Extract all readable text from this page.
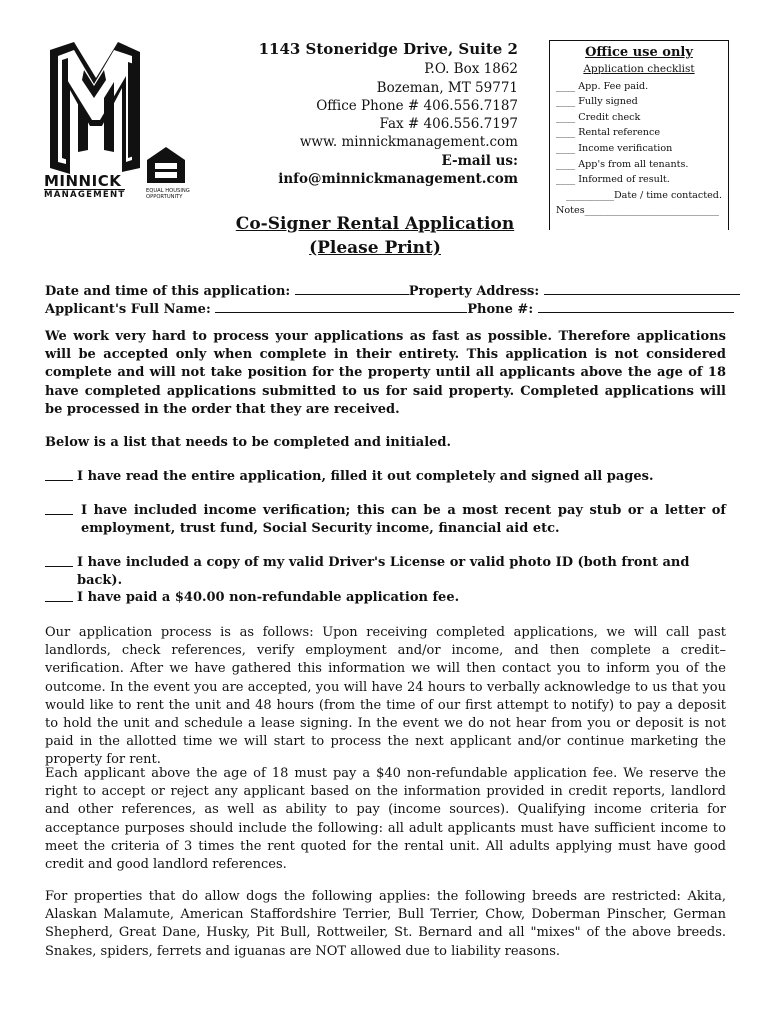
MINNICK
MANAGEMENT	EQUAL HOUSING OPPORTUNITY
1143 Stoneridge Drive, Suite 2
P.O. Box 1862
Bozeman, MT 59771
Office Phone # 406.556.7187
Fax # 406.556.7197
www. minnickmanagement.com
E-mail us:
info@minnickmanagement.com
Office use only
Application checklist
____ App. Fee paid.
____ Fully signed
____ Credit check
____ Rental reference
____ Income verification
____ App's from all tenants.
____ Informed of result.
__________Date / time contacted.
Notes____________________________
Co-Signer Rental Application
(Please Print)
Date and time of this application:	Property Address:
Applicant's Full Name:	Phone #:
We work very hard to process your applications as fast as possible. Therefore applications will be accepted only when complete in their entirety. This application is not considered complete and will not take position for the property until all applicants above the age of 18 have completed applications submitted to us for said property. Completed applications will be processed in the order that they are received.
Below is a list that needs to be completed and initialed.
I have read the entire application, filled it out completely and signed all pages.
I have included income verification; this can be a most recent pay stub or a letter of employment, trust fund, Social Security income, financial aid etc.
I have included a copy of my valid Driver's License or valid photo ID (both front and back).
I have paid a $40.00 non-refundable application fee.
Our application process is as follows: Upon receiving completed applications, we will call past landlords, check references, verify employment and/or income, and then complete a credit–verification. After we have gathered this information we will then contact you to inform you of the outcome. In the event you are accepted, you will have 24 hours to verbally acknowledge to us that you would like to rent the unit and 48 hours (from the time of our first attempt to notify) to pay a deposit to hold the unit and schedule a lease signing. In the event we do not hear from you or deposit is not paid in the allotted time we will start to process the next applicant and/or continue marketing the property for rent.
Each applicant above the age of 18 must pay a $40 non-refundable application fee. We reserve the right to accept or reject any applicant based on the information provided in credit reports, landlord and other references, as well as ability to pay (income sources). Qualifying income criteria for acceptance purposes should include the following: all adult applicants must have sufficient income to meet the criteria of 3 times the rent quoted for the rental unit. All adults applying must have good credit and good landlord references.
For properties that do allow dogs the following applies: the following breeds are restricted: Akita, Alaskan Malamute, American Staffordshire Terrier, Bull Terrier, Chow, Doberman Pinscher, German Shepherd, Great Dane, Husky, Pit Bull, Rottweiler, St. Bernard and all "mixes" of the above breeds. Snakes, spiders, ferrets and iguanas are NOT allowed due to liability reasons.
